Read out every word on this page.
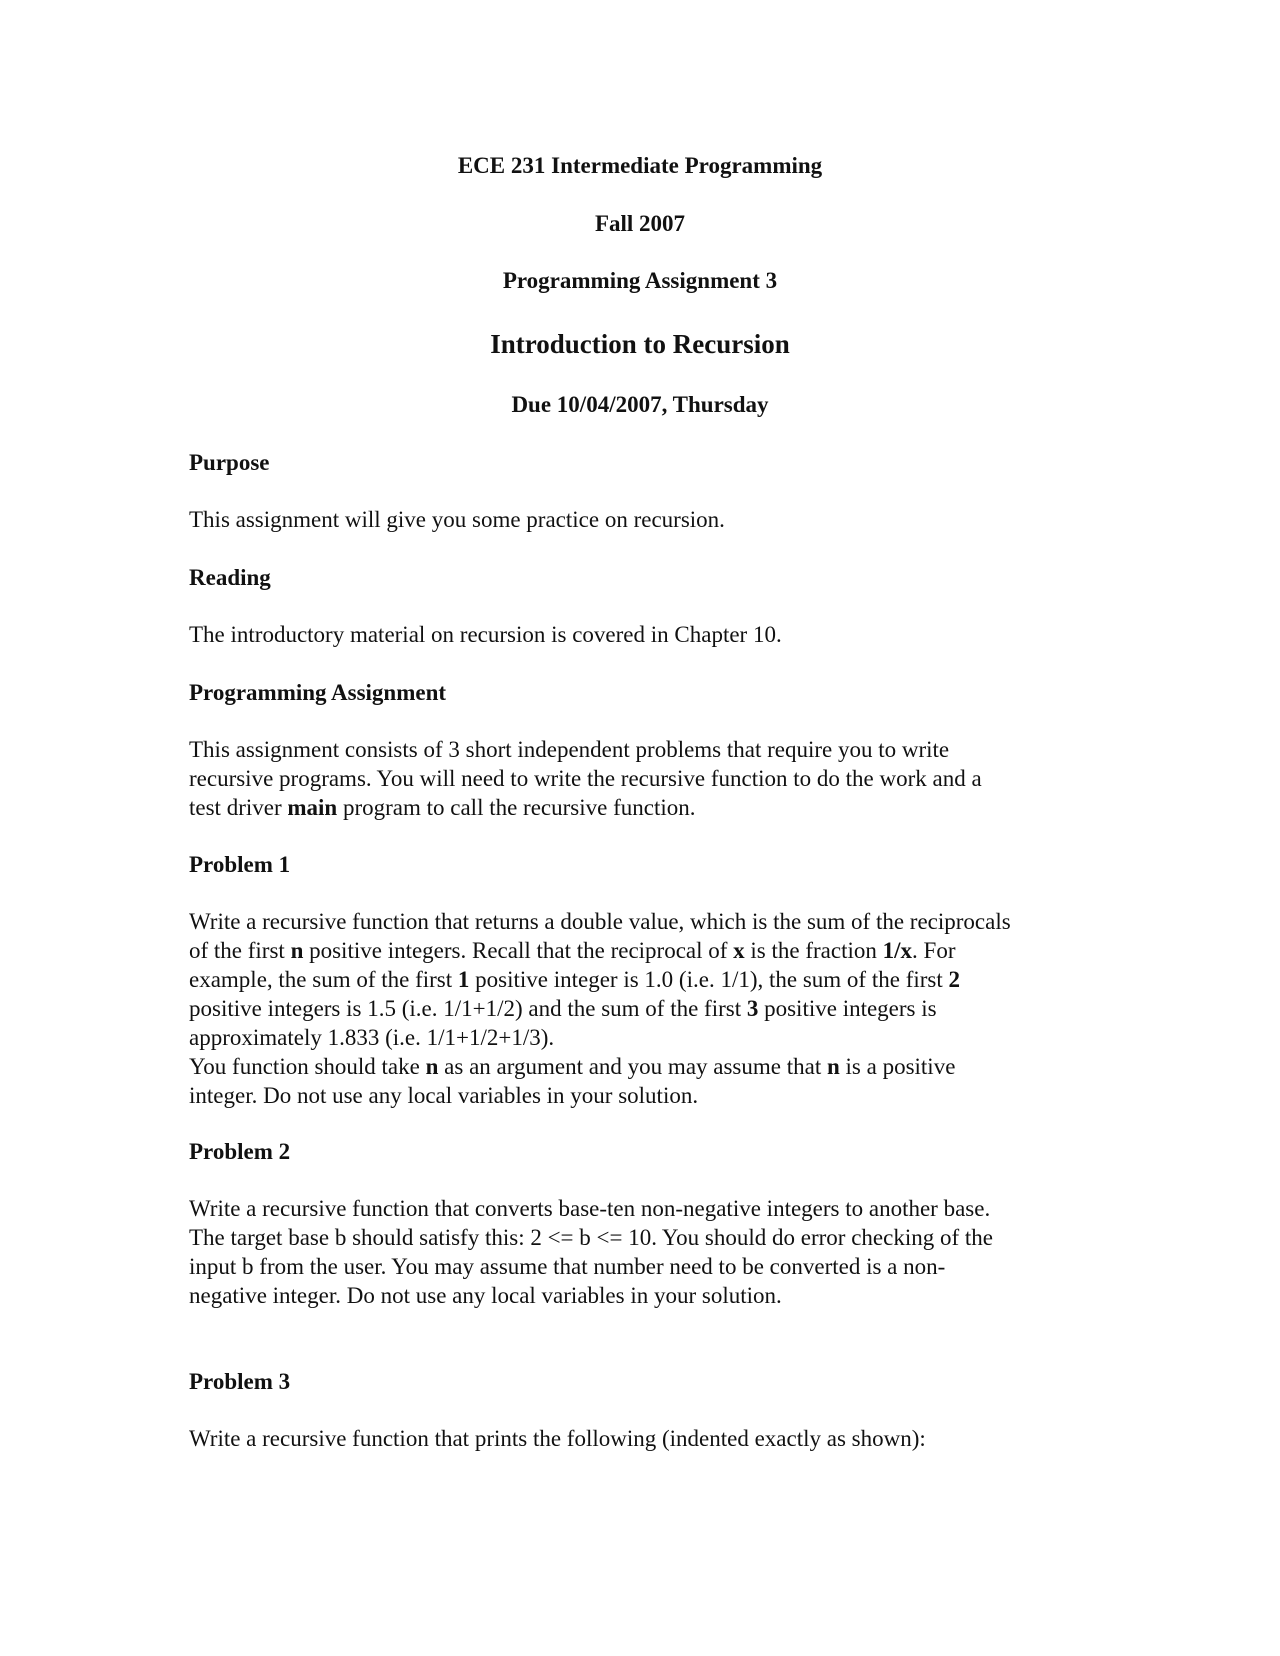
ECE 231 Intermediate Programming
Fall 2007
Programming Assignment 3
Introduction to Recursion
Due 10/04/2007, Thursday
Purpose
This assignment will give you some practice on recursion.
Reading
The introductory material on recursion is covered in Chapter 10.
Programming Assignment
This assignment consists of 3 short independent problems that require you to write
recursive programs. You will need to write the recursive function to do the work and a
test driver main program to call the recursive function.
Problem 1
Write a recursive function that returns a double value, which is the sum of the reciprocals
of the first n positive integers. Recall that the reciprocal of x is the fraction 1/x. For
example, the sum of the first 1 positive integer is 1.0 (i.e. 1/1), the sum of the first 2
positive integers is 1.5 (i.e. 1/1+1/2) and the sum of the first 3 positive integers is
approximately 1.833 (i.e. 1/1+1/2+1/3).
You function should take n as an argument and you may assume that n is a positive
integer. Do not use any local variables in your solution.
Problem 2
Write a recursive function that converts base-ten non-negative integers to another base.
The target base b should satisfy this: 2 <= b <= 10. You should do error checking of the
input b from the user. You may assume that number need to be converted is a non-
negative integer. Do not use any local variables in your solution.
Problem 3
Write a recursive function that prints the following (indented exactly as shown):
